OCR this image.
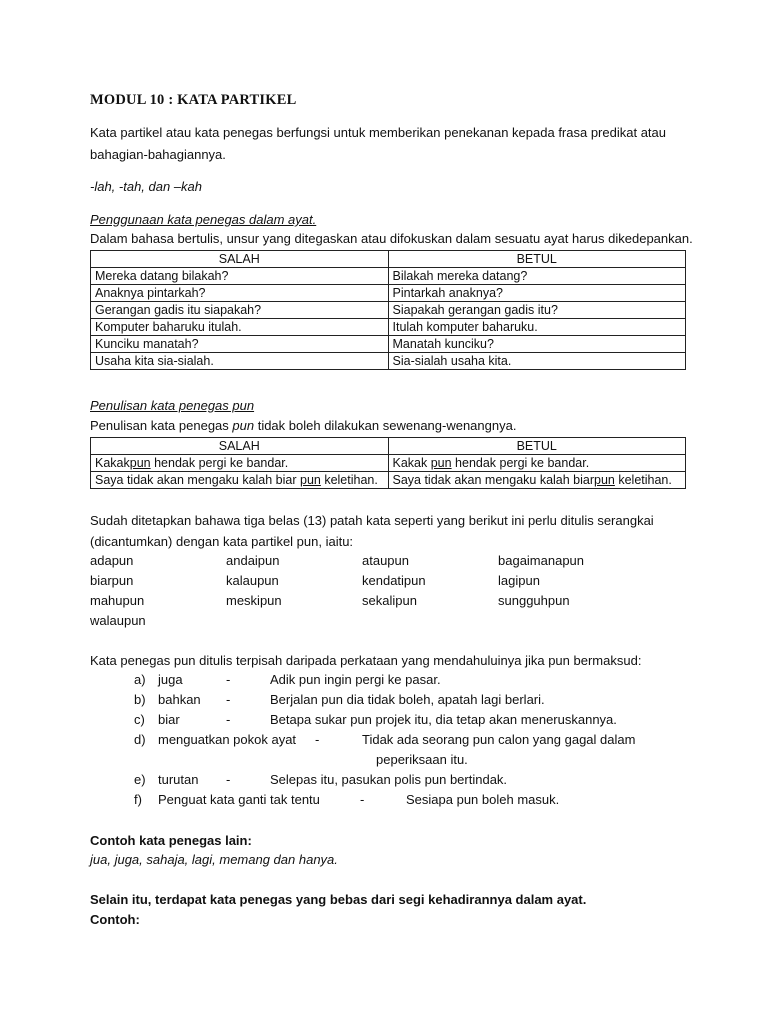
MODUL 10 : KATA PARTIKEL
Kata partikel atau kata penegas berfungsi untuk memberikan penekanan kepada frasa predikat atau
bahagian-bahagiannya.
-lah, -tah, dan –kah
Penggunaan kata penegas dalam ayat.
Dalam bahasa bertulis, unsur yang ditegaskan atau difokuskan dalam sesuatu ayat harus dikedepankan.
SALAH	BETUL
Mereka datang bilakah?	Bilakah mereka datang?
Anaknya pintarkah?	Pintarkah anaknya?
Gerangan gadis itu siapakah?	Siapakah gerangan gadis itu?
Komputer baharuku itulah.	Itulah komputer baharuku.
Kunciku manatah?	Manatah kunciku?
Usaha kita sia-sialah.	Sia-sialah usaha kita.
Penulisan kata penegas pun
Penulisan kata penegas pun tidak boleh dilakukan sewenang-wenangnya.
SALAH	BETUL
Kakakpun hendak pergi ke bandar.	Kakak pun hendak pergi ke bandar.
Saya tidak akan mengaku kalah biar pun keletihan.	Saya tidak akan mengaku kalah biarpun keletihan.
Sudah ditetapkan bahawa tiga belas (13) patah kata seperti yang berikut ini perlu ditulis serangkai
(dicantumkan) dengan kata partikel pun, iaitu:
adapun	andaipun	ataupun	bagaimanapun
biarpun	kalaupun	kendatipun	lagipun
mahupun	meskipun	sekalipun	sungguhpun
walaupun
Kata penegas pun ditulis terpisah daripada perkataan yang mendahuluinya jika pun bermaksud:
a) juga	-	Adik pun ingin pergi ke pasar.
b) bahkan -	Berjalan pun dia tidak boleh, apatah lagi berlari.
c) biar	-	Betapa sukar pun projek itu, dia tetap akan meneruskannya.
d) menguatkan pokok ayat -	Tidak ada seorang pun calon yang gagal dalam
peperiksaan itu.
e) turutan -	Selepas itu, pasukan polis pun bertindak.
f) Penguat kata ganti tak tentu	-	Sesiapa pun boleh masuk.
Contoh kata penegas lain:
jua, juga, sahaja, lagi, memang dan hanya.
Selain itu, terdapat kata penegas yang bebas dari segi kehadirannya dalam ayat.
Contoh:
